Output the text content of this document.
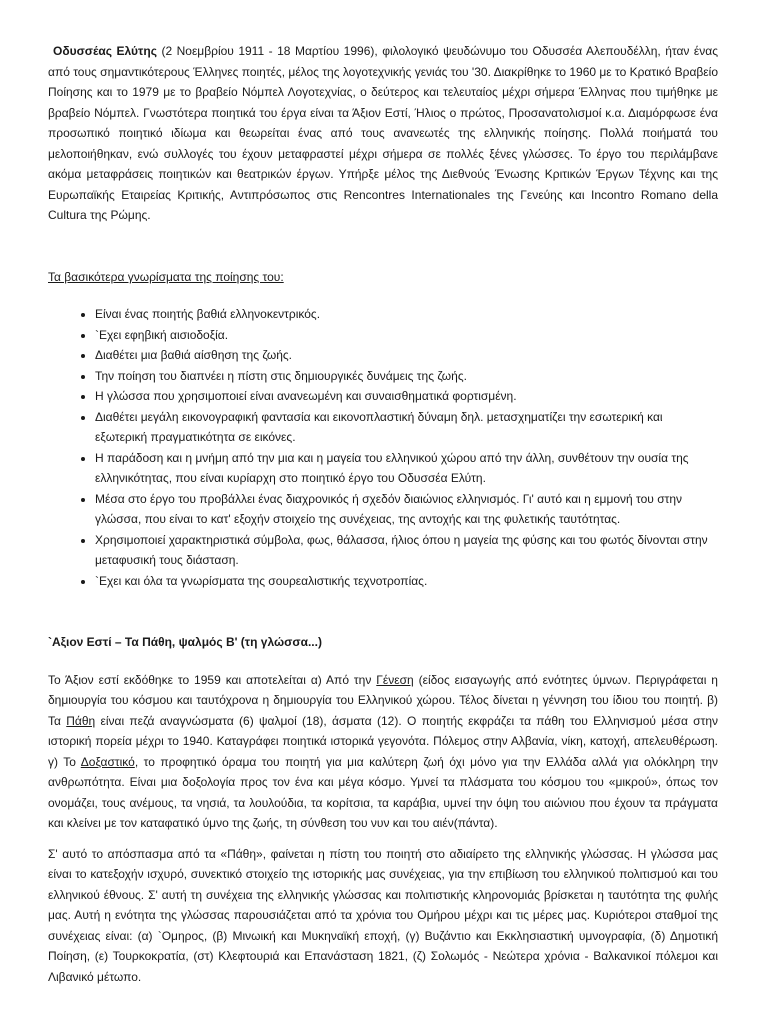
Οδυσσέας Ελύτης (2 Νοεμβρίου 1911 - 18 Μαρτίου 1996), φιλολογικό ψευδώνυμο του Οδυσσέα Αλεπουδέλλη, ήταν ένας από τους σημαντικότερους Έλληνες ποιητές, μέλος της λογοτεχνικής γενιάς του '30. Διακρίθηκε το 1960 με το Κρατικό Βραβείο Ποίησης και το 1979 με το βραβείο Νόμπελ Λογοτεχνίας, ο δεύτερος και τελευταίος μέχρι σήμερα Έλληνας που τιμήθηκε με βραβείο Νόμπελ. Γνωστότερα ποιητικά του έργα είναι τα Άξιον Εστί, Ήλιος ο πρώτος, Προσανατολισμοί κ.α. Διαμόρφωσε ένα προσωπικό ποιητικό ιδίωμα και θεωρείται ένας από τους ανανεωτές της ελληνικής ποίησης. Πολλά ποιήματά του μελοποιήθηκαν, ενώ συλλογές του έχουν μεταφραστεί μέχρι σήμερα σε πολλές ξένες γλώσσες. Το έργο του περιλάμβανε ακόμα μεταφράσεις ποιητικών και θεατρικών έργων. Υπήρξε μέλος της Διεθνούς Ένωσης Κριτικών Έργων Τέχνης και της Ευρωπαϊκής Εταιρείας Κριτικής, Αντιπρόσωπος στις Rencontres Internationales της Γενεύης και Incontro Romano della Cultura της Ρώμης.

Τα βασικότερα γνωρίσματα της ποίησης του:

• Είναι ένας ποιητής βαθιά ελληνοκεντρικός.
• `Εχει εφηβική αισιοδοξία.
• Διαθέτει μια βαθιά αίσθηση της ζωής.
• Την ποίηση του διαπνέει η πίστη στις δημιουργικές δυνάμεις της ζωής.
• Η γλώσσα που χρησιμοποιεί είναι ανανεωμένη και συναισθηματικά φορτισμένη.
• Διαθέτει μεγάλη εικονογραφική φαντασία και εικονοπλαστική δύναμη δηλ. μετασχηματίζει την εσωτερική και εξωτερική πραγματικότητα σε εικόνες.
• Η παράδοση και η μνήμη από την μια και η μαγεία του ελληνικού χώρου από την άλλη, συνθέτουν την ουσία της ελληνικότητας, που είναι κυρίαρχη στο ποιητικό έργο του Οδυσσέα Ελύτη.
• Μέσα στο έργο του προβάλλει ένας διαχρονικός ή σχεδόν διαιώνιος ελληνισμός. Γι' αυτό και η εμμονή του στην γλώσσα, που είναι το κατ' εξοχήν στοιχείο της συνέχειας, της αντοχής και της φυλετικής ταυτότητας.
• Χρησιμοποιεί χαρακτηριστικά σύμβολα, φως, θάλασσα, ήλιος όπου η μαγεία της φύσης και του φωτός δίνονται στην μεταφυσική τους διάσταση.
• `Εχει και όλα τα γνωρίσματα της σουρεαλιστικής τεχνοτροπίας.

`Αξιον Εστί – Τα Πάθη, ψαλμός Β' (τη γλώσσα...)

Το Άξιον εστί εκδόθηκε το 1959 και αποτελείται α) Από την Γένεση (είδος εισαγωγής από ενότητες ύμνων. Περιγράφεται η δημιουργία του κόσμου και ταυτόχρονα η δημιουργία του Ελληνικού χώρου. Τέλος δίνεται η γέννηση του ίδιου του ποιητή. β) Τα Πάθη είναι πεζά αναγνώσματα (6) ψαλμοί (18), άσματα (12). Ο ποιητής εκφράζει τα πάθη του Ελληνισμού μέσα στην ιστορική πορεία μέχρι το 1940. Καταγράφει ποιητικά ιστορικά γεγονότα. Πόλεμος στην Αλβανία, νίκη, κατοχή, απελευθέρωση. γ) Το Δοξαστικό, το προφητικό όραμα του ποιητή για μια καλύτερη ζωή όχι μόνο για την Ελλάδα αλλά για ολόκληρη την ανθρωπότητα. Είναι μια δοξολογία προς τον ένα και μέγα κόσμο. Υμνεί τα πλάσματα του κόσμου του «μικρού», όπως τον ονομάζει, τους ανέμους, τα νησιά, τα λουλούδια, τα κορίτσια, τα καράβια, υμνεί την όψη του αιώνιου που έχουν τα πράγματα και κλείνει με τον καταφατικό ύμνο της ζωής, τη σύνθεση του νυν και του αιέν(πάντα).

Σ' αυτό το απόσπασμα από τα «Πάθη», φαίνεται η πίστη του ποιητή στο αδιαίρετο της ελληνικής γλώσσας. Η γλώσσα μας είναι το κατεξοχήν ισχυρό, συνεκτικό στοιχείο της ιστορικής μας συνέχειας, για την επιβίωση του ελληνικού πολιτισμού και του ελληνικού έθνους. Σ' αυτή τη συνέχεια της ελληνικής γλώσσας και πολιτιστικής κληρονομιάς βρίσκεται η ταυτότητα της φυλής μας. Αυτή η ενότητα της γλώσσας παρουσιάζεται από τα χρόνια του Ομήρου μέχρι και τις μέρες μας. Κυριότεροι σταθμοί της συνέχειας είναι: (α) `Ομηρος, (β) Μινωική και Μυκηναϊκή εποχή, (γ) Βυζάντιο και Εκκλησιαστική υμνογραφία, (δ) Δημοτική Ποίηση, (ε) Τουρκοκρατία, (στ) Κλεφτουριά και Επανάσταση 1821, (ζ) Σολωμός - Νεώτερα χρόνια - Βαλκανικοί πόλεμοι και Λιβανικό μέτωπο.
